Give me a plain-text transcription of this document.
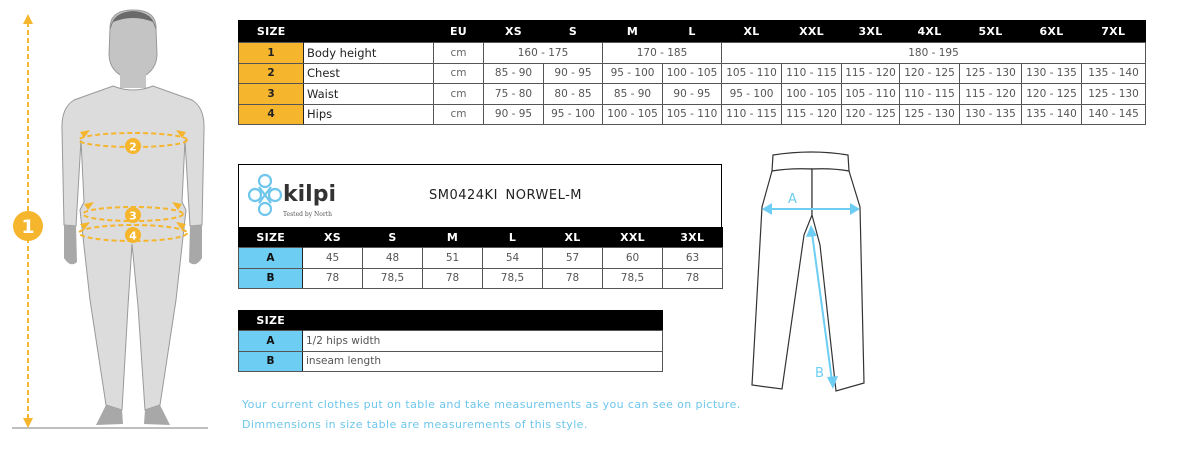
1
2
3
4
SIZE		EU	XS	S	M	L	XL	XXL	3XL	4XL	5XL	6XL	7XL
1	Body height	cm	160 - 175		170 - 185		180 - 195						
2	Chest	cm	85 - 90	90 - 95	95 - 100	100 - 105	105 - 110	110 - 115	115 - 120	120 - 125	125 - 130	130 - 135	135 - 140
3	Waist	cm	75 - 80	80 - 85	85 - 90	90 - 95	95 - 100	100 - 105	105 - 110	110 - 115	115 - 120	120 - 125	125 - 130
4	Hips	cm	90 - 95	95 - 100	100 - 105	105 - 110	110 - 115	115 - 120	120 - 125	125 - 130	130 - 135	135 - 140	140 - 145
kilpi
Tested by North
SM0424KI NORWEL-M
SIZE	XS	S	M	L	XL	XXL	3XL
A	45	48	51	54	57	60	63
B	78	78,5	78	78,5	78	78,5	78
SIZE	
A	1/2 hips width
B	inseam length
Your current clothes put on table and take measurements as you can see on picture.
Dimmensions in size table are measurements of this style.
A
B
